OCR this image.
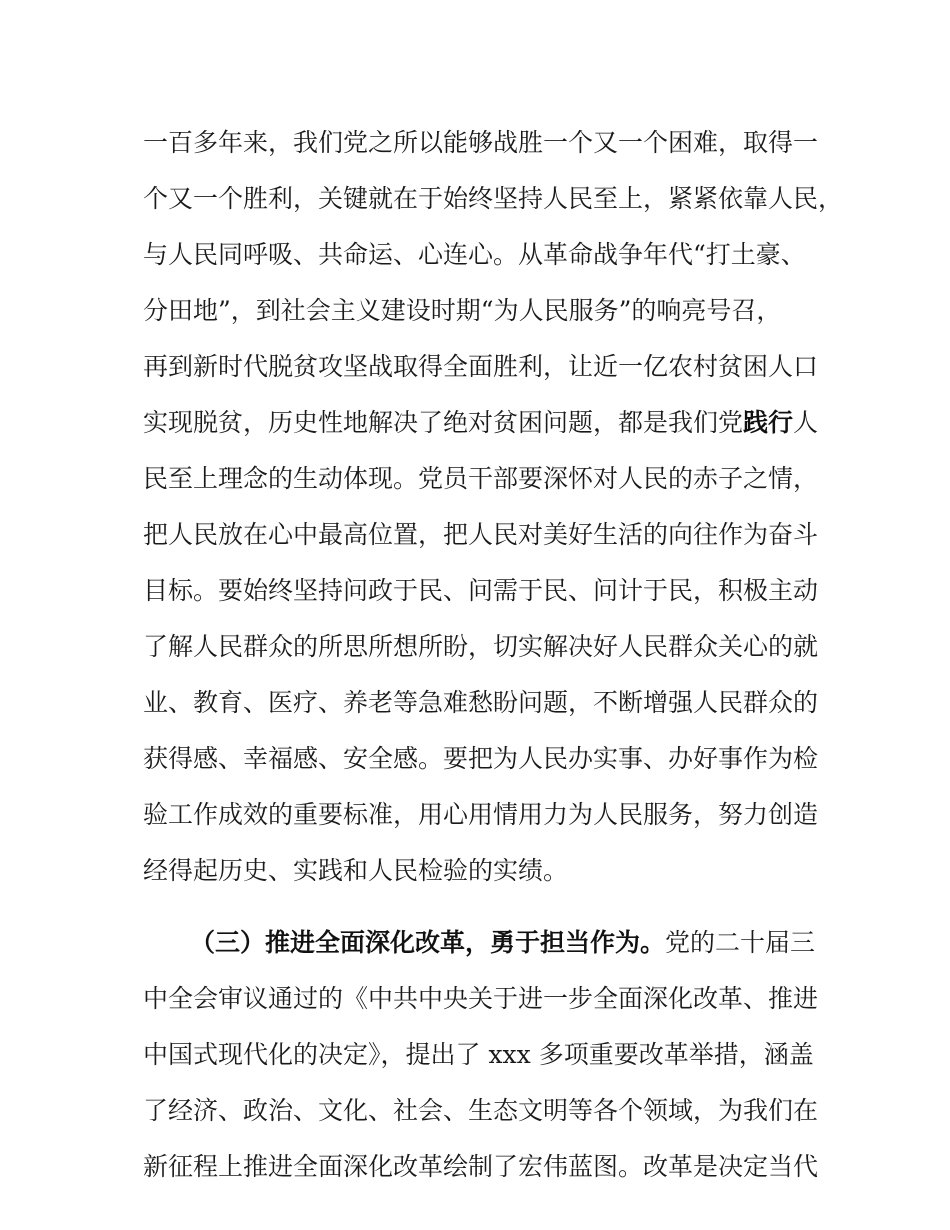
一百多年来，我们党之所以能够战胜一个又一个困难，取得一
个又一个胜利，关键就在于始终坚持人民至上，紧紧依靠人民，
与人民同呼吸、共命运、心连心。从革命战争年代“打土豪、
分田地”，到社会主义建设时期“为人民服务”的响亮号召，
再到新时代脱贫攻坚战取得全面胜利，让近一亿农村贫困人口
实现脱贫，历史性地解决了绝对贫困问题，都是我们党践行人
民至上理念的生动体现。党员干部要深怀对人民的赤子之情，
把人民放在心中最高位置，把人民对美好生活的向往作为奋斗
目标。要始终坚持问政于民、问需于民、问计于民，积极主动
了解人民群众的所思所想所盼，切实解决好人民群众关心的就
业、教育、医疗、养老等急难愁盼问题，不断增强人民群众的
获得感、幸福感、安全感。要把为人民办实事、办好事作为检
验工作成效的重要标准，用心用情用力为人民服务，努力创造
经得起历史、实践和人民检验的实绩。
（三）推进全面深化改革，勇于担当作为。党的二十届三
中全会审议通过的《中共中央关于进一步全面深化改革、推进
中国式现代化的决定》，提出了 xxx 多项重要改革举措，涵盖
了经济、政治、文化、社会、生态文明等各个领域，为我们在
新征程上推进全面深化改革绘制了宏伟蓝图。改革是决定当代
